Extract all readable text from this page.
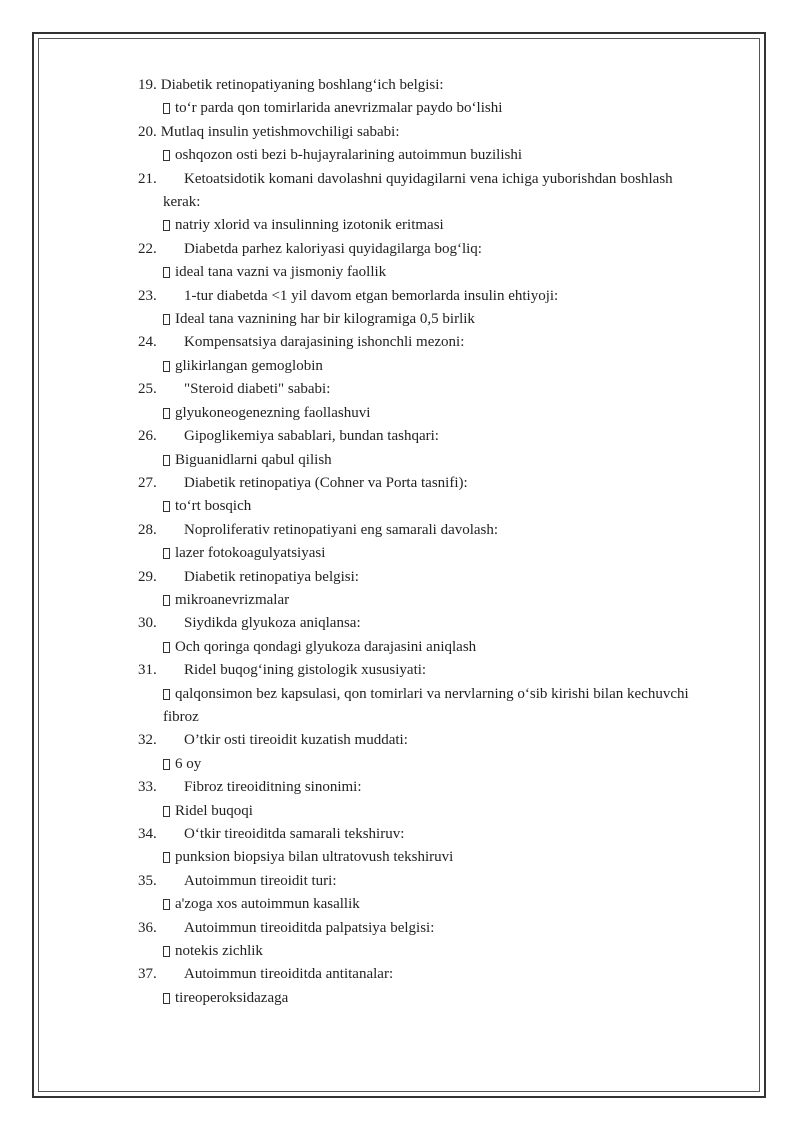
19. Diabetik retinopatiyaning boshlang‘ich belgisi:
to‘r parda qon tomirlarida anevrizmalar paydo bo‘lishi
20. Mutlaq insulin yetishmovchiligi sababi:
oshqozon osti bezi b-hujayralarining autoimmun buzilishi
21.	Ketoatsidotik komani davolashni quyidagilarni vena ichiga yuborishdan boshlash
kerak:
natriy xlorid va insulinning izotonik eritmasi
22.	Diabetda parhez kaloriyasi quyidagilarga bog‘liq:
ideal tana vazni va jismoniy faollik
23.	1-tur diabetda <1 yil davom etgan bemorlarda insulin ehtiyoji:
Ideal tana vaznining har bir kilogramiga 0,5 birlik
24.	Kompensatsiya darajasining ishonchli mezoni:
glikirlangan gemoglobin
25.	"Steroid diabeti" sababi:
glyukoneogenezning faollashuvi
26.	Gipoglikemiya sabablari, bundan tashqari:
Biguanidlarni qabul qilish
27.	Diabetik retinopatiya (Cohner va Porta tasnifi):
to‘rt bosqich
28.	Noproliferativ retinopatiyani eng samarali davolash:
lazer fotokoagulyatsiyasi
29.	Diabetik retinopatiya belgisi:
mikroanevrizmalar
30.	Siydikda glyukoza aniqlansa:
Och qoringa qondagi glyukoza darajasini aniqlash
31.	Ridel buqog‘ining gistologik xususiyati:
qalqonsimon bez kapsulasi, qon tomirlari va nervlarning o‘sib kirishi bilan kechuvchi
fibroz
32.	O’tkir osti tireoidit kuzatish muddati:
6 oy
33.	Fibroz tireoiditning sinonimi:
Ridel buqoqi
34.	O‘tkir tireoiditda samarali tekshiruv:
punksion biopsiya bilan ultratovush tekshiruvi
35.	Autoimmun tireoidit turi:
a'zoga xos autoimmun kasallik
36.	Autoimmun tireoiditda palpatsiya belgisi:
notekis zichlik
37.	Autoimmun tireoiditda antitanalar:
tireoperoksidazaga
